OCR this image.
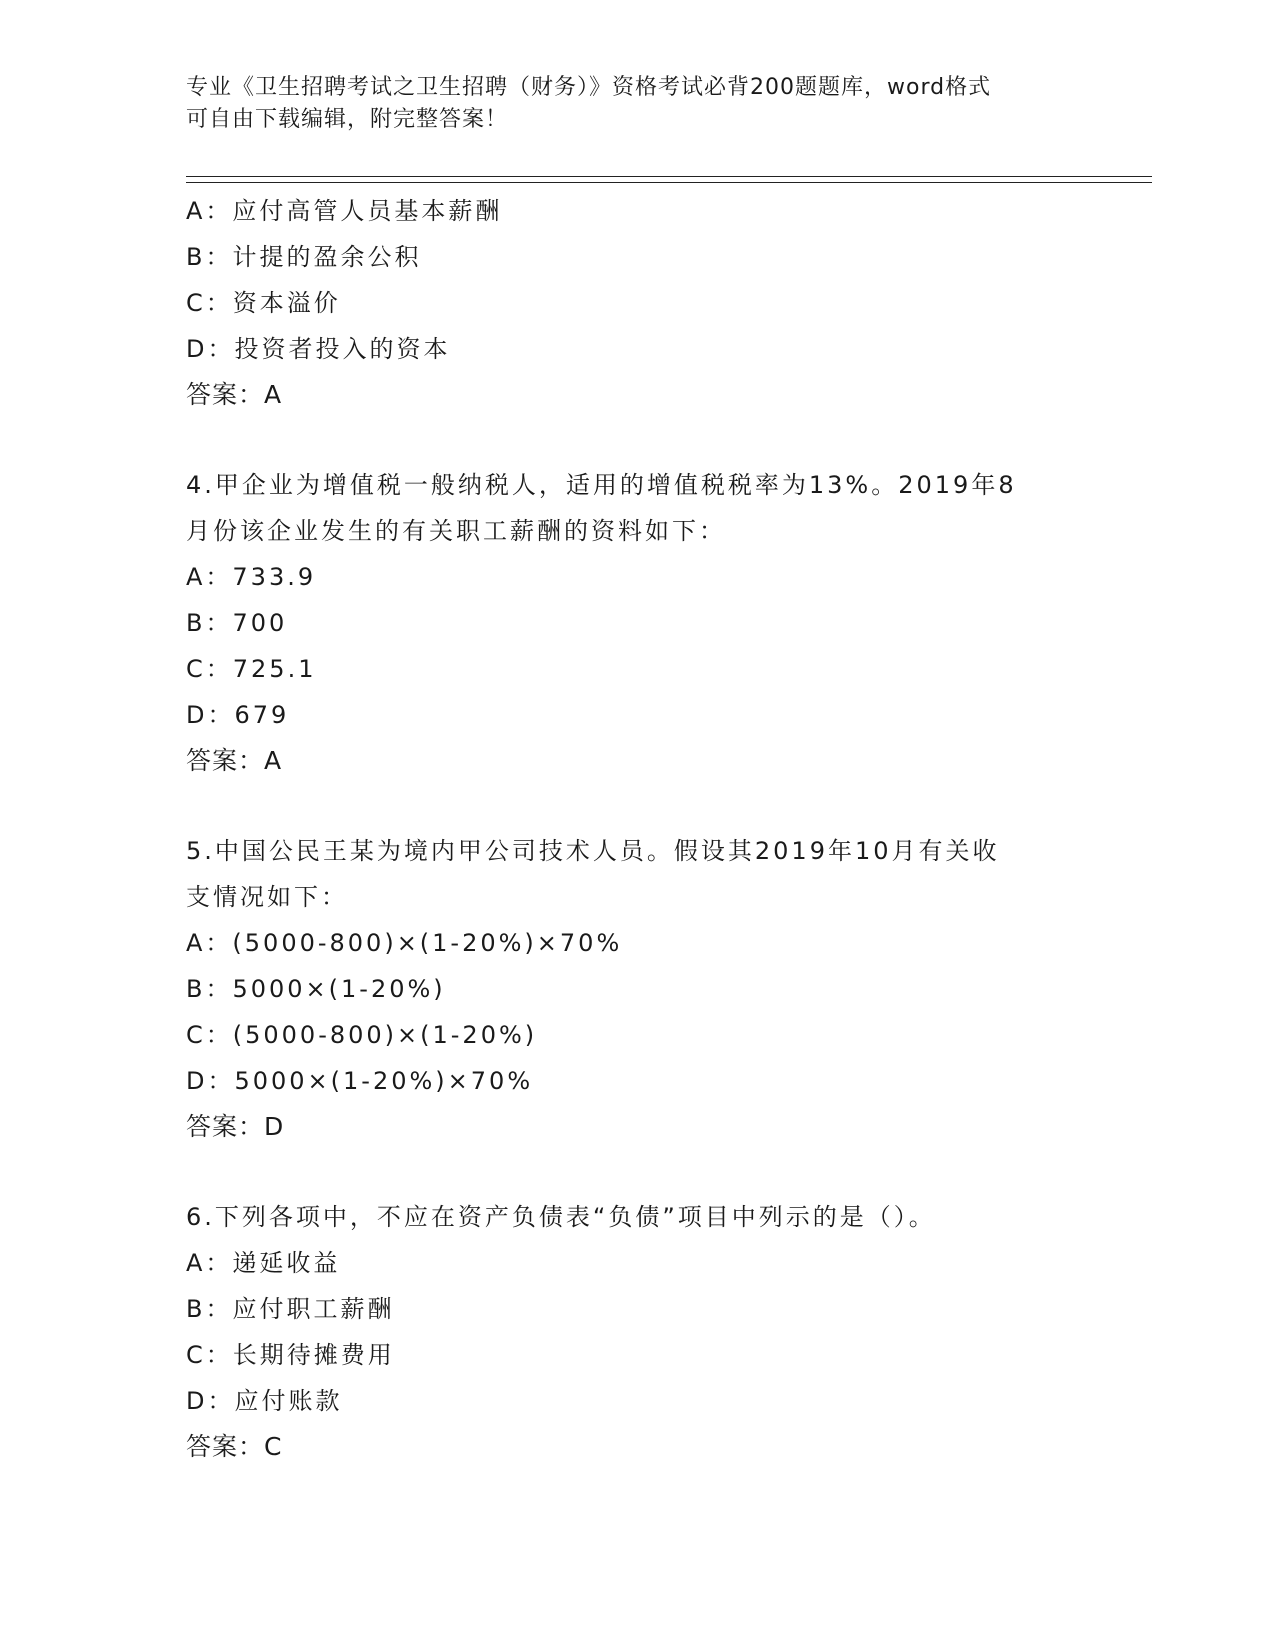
专业《卫生招聘考试之卫生招聘（财务）》资格考试必背200题题库，word格式

可自由下载编辑，附完整答案！

A：应付高管人员基本薪酬
B：计提的盈余公积
C：资本溢价
D：投资者投入的资本
答案：A
4.甲企业为增值税一般纳税人，适用的增值税税率为13%。2019年8
月份该企业发生的有关职工薪酬的资料如下：
A：733.9
B：700
C：725.1
D：679
答案：A
5.中国公民王某为境内甲公司技术人员。假设其2019年10月有关收
支情况如下：
A：(5000-800)×(1-20%)×70%
B：5000×(1-20%)
C：(5000-800)×(1-20%)
D：5000×(1-20%)×70%
答案：D
6.下列各项中，不应在资产负债表“负债”项目中列示的是（）。
A：递延收益
B：应付职工薪酬
C：长期待摊费用
D：应付账款
答案：C
